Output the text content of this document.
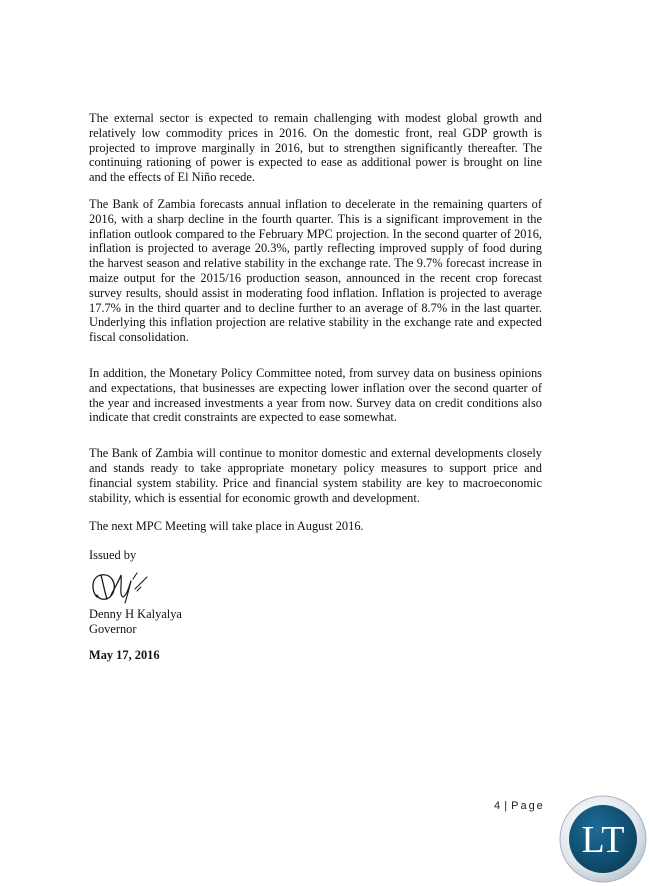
The external sector is expected to remain challenging with modest global growth and relatively low commodity prices in 2016. On the domestic front, real GDP growth is projected to improve marginally in 2016, but to strengthen significantly thereafter. The continuing rationing of power is expected to ease as additional power is brought on line and the effects of El Niño recede.

The Bank of Zambia forecasts annual inflation to decelerate in the remaining quarters of 2016, with a sharp decline in the fourth quarter. This is a significant improvement in the inflation outlook compared to the February MPC projection. In the second quarter of 2016, inflation is projected to average 20.3%, partly reflecting improved supply of food during the harvest season and relative stability in the exchange rate. The 9.7% forecast increase in maize output for the 2015/16 production season, announced in the recent crop forecast survey results, should assist in moderating food inflation. Inflation is projected to average 17.7% in the third quarter and to decline further to an average of 8.7% in the last quarter. Underlying this inflation projection are relative stability in the exchange rate and expected fiscal consolidation.

In addition, the Monetary Policy Committee noted, from survey data on business opinions and expectations, that businesses are expecting lower inflation over the second quarter of the year and increased investments a year from now. Survey data on credit conditions also indicate that credit constraints are expected to ease somewhat.

The Bank of Zambia will continue to monitor domestic and external developments closely and stands ready to take appropriate monetary policy measures to support price and financial system stability. Price and financial system stability are key to macroeconomic stability, which is essential for economic growth and development.

The next MPC Meeting will take place in August 2016.

Issued by

Denny H Kalyalya

Governor

May 17, 2016

4 | Page
LT
